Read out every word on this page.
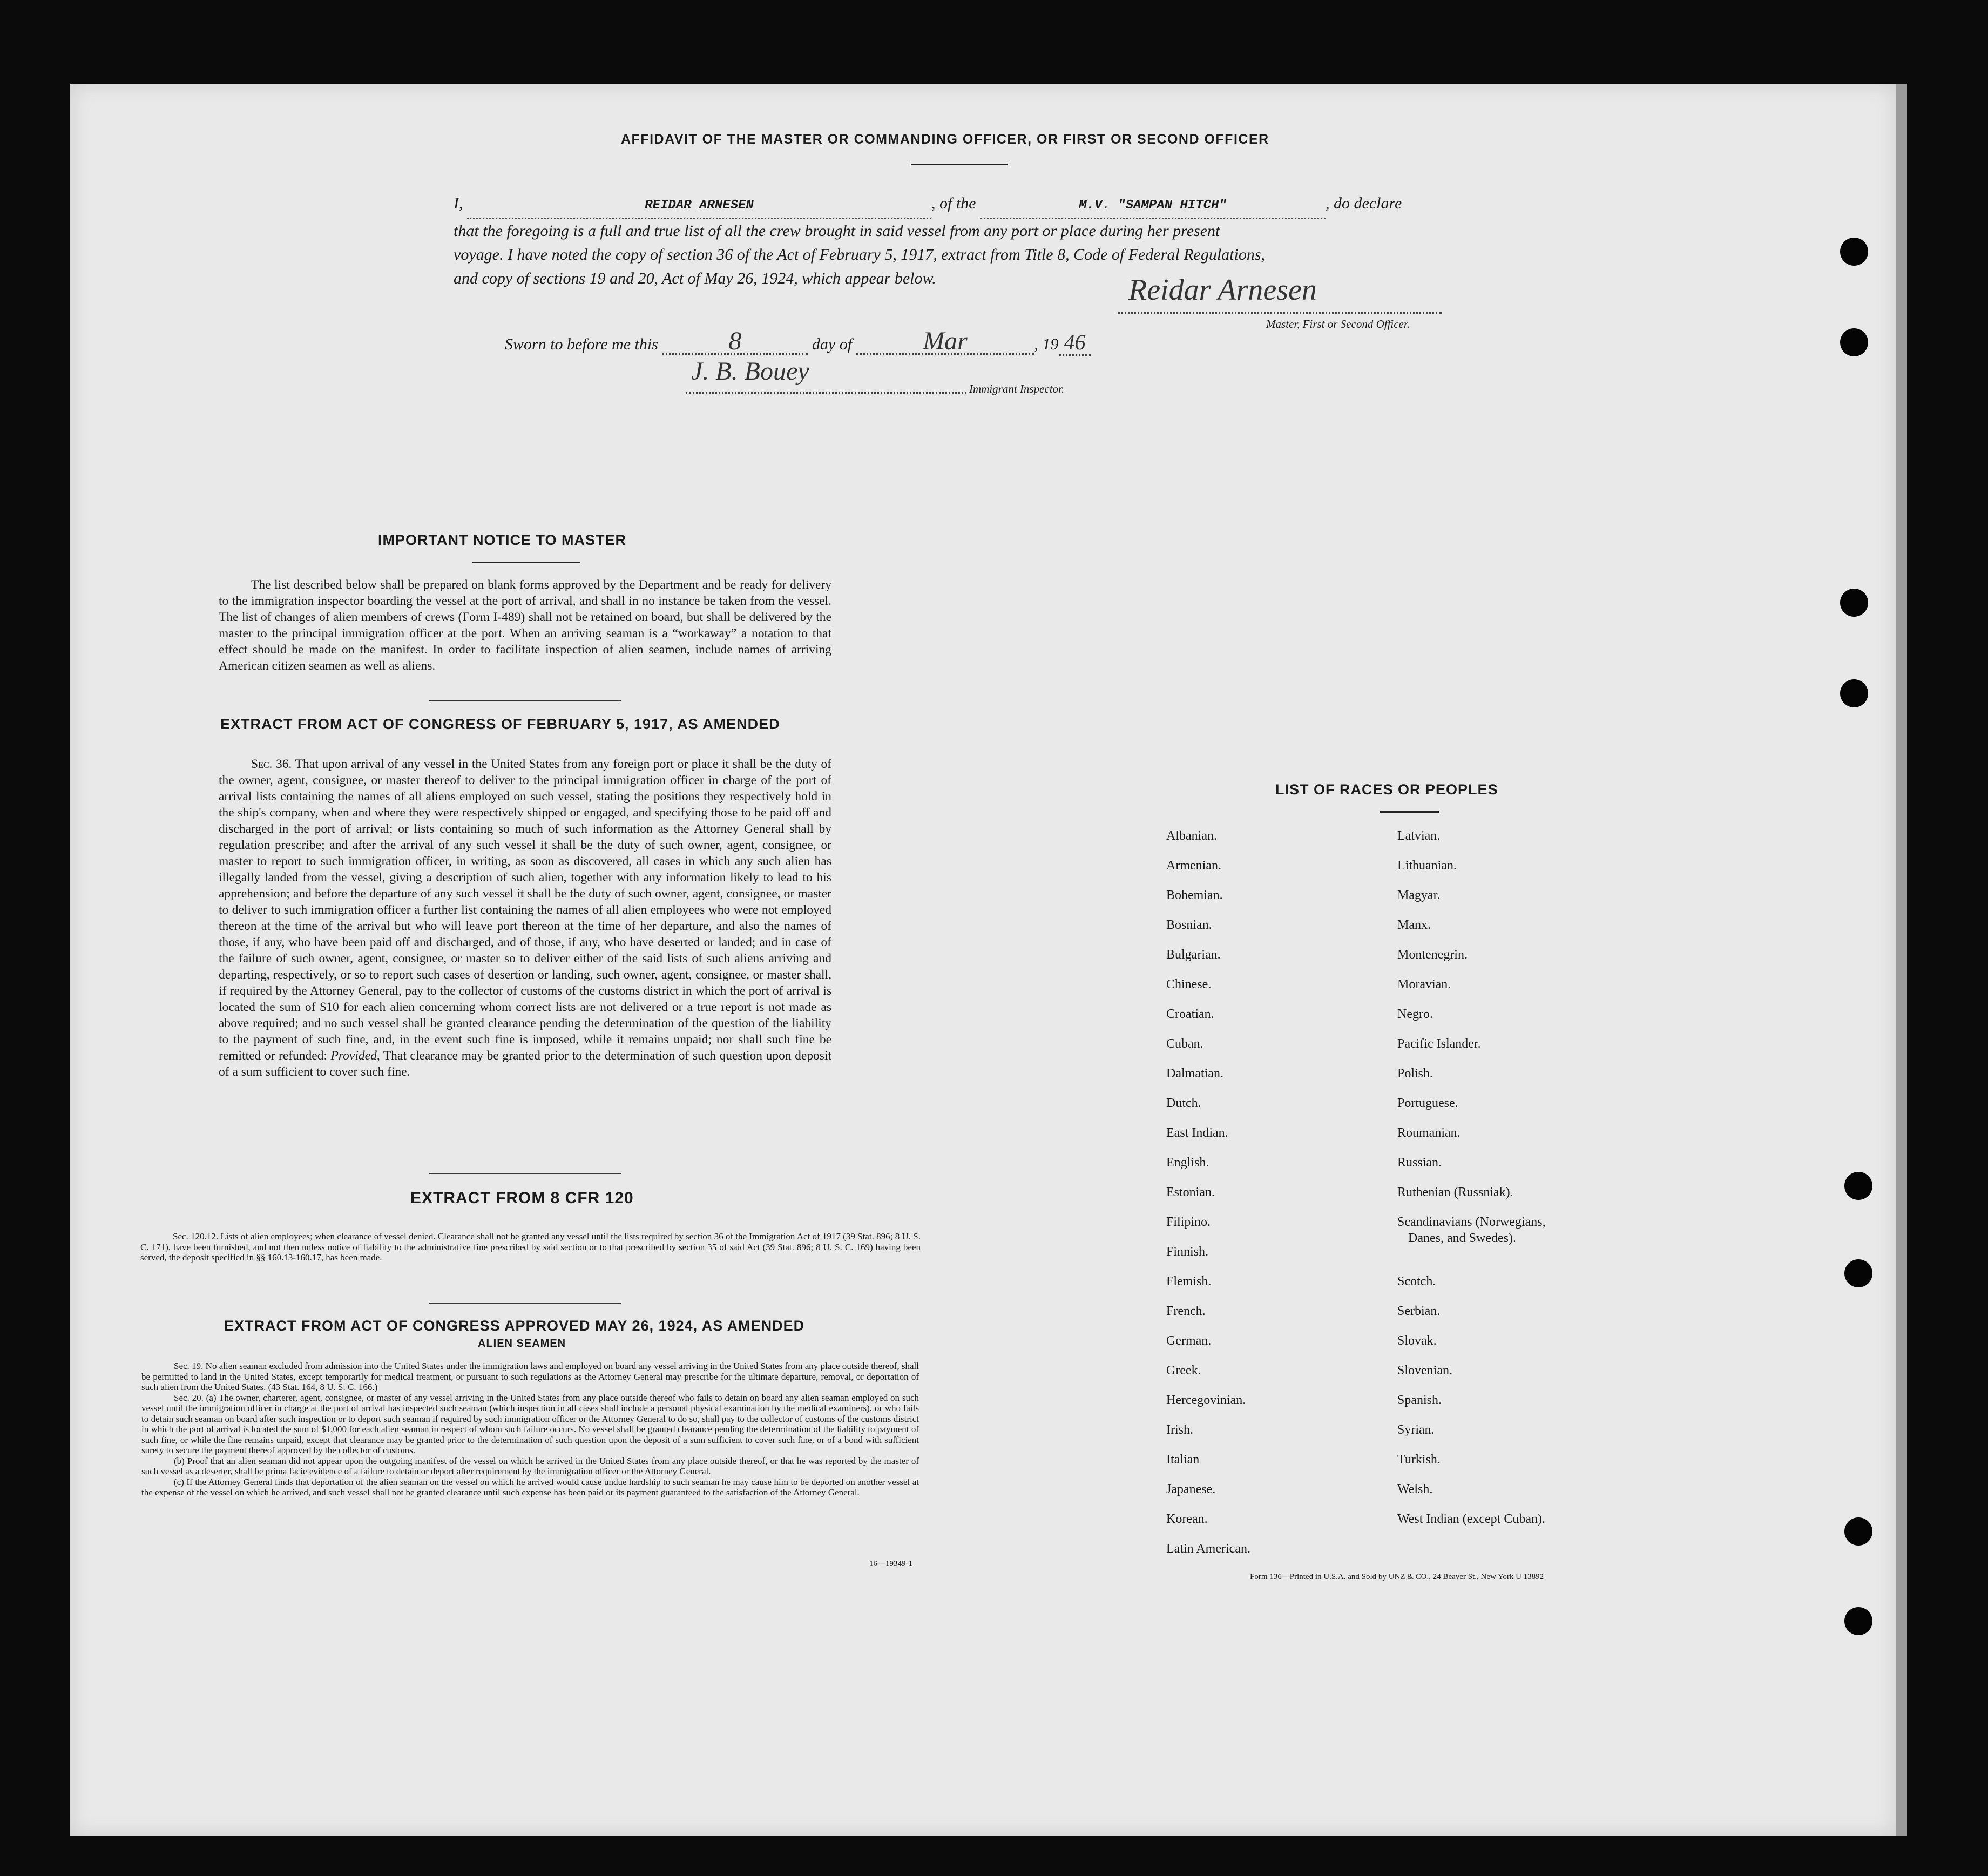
AFFIDAVIT OF THE MASTER OR COMMANDING OFFICER, OR FIRST OR SECOND OFFICER
I,	REIDAR ARNESEN	, of the	M.V. "SAMPAN HITCH"	, do declare
that the foregoing is a full and true list of all the crew brought in said vessel from any port or place during her present
voyage. I have noted the copy of section 36 of the Act of February 5, 1917, extract from Title 8, Code of Federal Regulations,
and copy of sections 19 and 20, Act of May 26, 1924, which appear below.	Reidar Arnesen
Master, First or Second Officer.
Sworn to before me this	8	day of	Mar	, 19 46
J. B. Bouey
Immigrant Inspector.
IMPORTANT NOTICE TO MASTER
The list described below shall be prepared on blank forms approved by the Department and be ready for delivery to the immigration inspector boarding the vessel at the port of arrival, and shall in no instance be taken from the vessel. The list of changes of alien members of crews (Form I-489) shall not be retained on board, but shall be delivered by the master to the principal immigration officer at the port. When an arriving seaman is a “workaway” a notation to that effect should be made on the manifest. In order to facilitate inspection of alien seamen, include names of arriving American citizen seamen as well as aliens.
EXTRACT FROM ACT OF CONGRESS OF FEBRUARY 5, 1917, AS AMENDED
Sec. 36. That upon arrival of any vessel in the United States from any foreign port or place it shall be the duty of the owner, agent, consignee, or master thereof to deliver to the principal immigration officer in charge of the port of arrival lists containing the names of all aliens employed on such vessel, stating the positions they respectively hold in the ship's company, when and where they were respectively shipped or engaged, and specifying those to be paid off and discharged in the port of arrival; or lists containing so much of such information as the Attorney General shall by regulation prescribe; and after the arrival of any such vessel it shall be the duty of such owner, agent, consignee, or master to report to such immigration officer, in writing, as soon as discovered, all cases in which any such alien has illegally landed from the vessel, giving a description of such alien, together with any information likely to lead to his apprehension; and before the departure of any such vessel it shall be the duty of such owner, agent, consignee, or master to deliver to such immigration officer a further list containing the names of all alien employees who were not employed thereon at the time of the arrival but who will leave port thereon at the time of her departure, and also the names of those, if any, who have been paid off and discharged, and of those, if any, who have deserted or landed; and in case of the failure of such owner, agent, consignee, or master so to deliver either of the said lists of such aliens arriving and departing, respectively, or so to report such cases of desertion or landing, such owner, agent, consignee, or master shall, if required by the Attorney General, pay to the collector of customs of the customs district in which the port of arrival is located the sum of $10 for each alien concerning whom correct lists are not delivered or a true report is not made as above required; and no such vessel shall be granted clearance pending the determination of the question of the liability to the payment of such fine, and, in the event such fine is imposed, while it remains unpaid; nor shall such fine be remitted or refunded: Provided, That clearance may be granted prior to the determination of such question upon deposit of a sum sufficient to cover such fine.
EXTRACT FROM 8 CFR 120
Sec. 120.12. Lists of alien employees; when clearance of vessel denied. Clearance shall not be granted any vessel until the lists required by section 36 of the Immigration Act of 1917 (39 Stat. 896; 8 U. S. C. 171), have been furnished, and not then unless notice of liability to the administrative fine prescribed by said section or to that prescribed by section 35 of said Act (39 Stat. 896; 8 U. S. C. 169) having been served, the deposit specified in §§ 160.13-160.17, has been made.
EXTRACT FROM ACT OF CONGRESS APPROVED MAY 26, 1924, AS AMENDED
ALIEN SEAMEN
Sec. 19. No alien seaman excluded from admission into the United States under the immigration laws and employed on board any vessel arriving in the United States from any place outside thereof, shall be permitted to land in the United States, except temporarily for medical treatment, or pursuant to such regulations as the Attorney General may prescribe for the ultimate departure, removal, or deportation of such alien from the United States. (43 Stat. 164, 8 U. S. C. 166.)
Sec. 20. (a) The owner, charterer, agent, consignee, or master of any vessel arriving in the United States from any place outside thereof who fails to detain on board any alien seaman employed on such vessel until the immigration officer in charge at the port of arrival has inspected such seaman (which inspection in all cases shall include a personal physical examination by the medical examiners), or who fails to detain such seaman on board after such inspection or to deport such seaman if required by such immigration officer or the Attorney General to do so, shall pay to the collector of customs of the customs district in which the port of arrival is located the sum of $1,000 for each alien seaman in respect of whom such failure occurs. No vessel shall be granted clearance pending the determination of the liability to payment of such fine, or while the fine remains unpaid, except that clearance may be granted prior to the determination of such question upon the deposit of a sum sufficient to cover such fine, or of a bond with sufficient surety to secure the payment thereof approved by the collector of customs.
(b) Proof that an alien seaman did not appear upon the outgoing manifest of the vessel on which he arrived in the United States from any place outside thereof, or that he was reported by the master of such vessel as a deserter, shall be prima facie evidence of a failure to detain or deport after requirement by the immigration officer or the Attorney General.
(c) If the Attorney General finds that deportation of the alien seaman on the vessel on which he arrived would cause undue hardship to such seaman he may cause him to be deported on another vessel at the expense of the vessel on which he arrived, and such vessel shall not be granted clearance until such expense has been paid or its payment guaranteed to the satisfaction of the Attorney General.
16—19349-1
LIST OF RACES OR PEOPLES
Albanian.
Armenian.
Bohemian.
Bosnian.
Bulgarian.
Chinese.
Croatian.
Cuban.
Dalmatian.
Dutch.
East Indian.
English.
Estonian.
Filipino.
Finnish.
Flemish.
French.
German.
Greek.
Hercegovinian.
Irish.
Italian
Japanese.
Korean.
Latin American.
Latvian.
Lithuanian.
Magyar.
Manx.
Montenegrin.
Moravian.
Negro.
Pacific Islander.
Polish.
Portuguese.
Roumanian.
Russian.
Ruthenian (Russniak).
Scandinavians (Norwegians,
Danes, and Swedes).
Scotch.
Serbian.
Slovak.
Slovenian.
Spanish.
Syrian.
Turkish.
Welsh.
West Indian (except Cuban).
Form 136—Printed in U.S.A. and Sold by UNZ & CO., 24 Beaver St., New York U 13892
